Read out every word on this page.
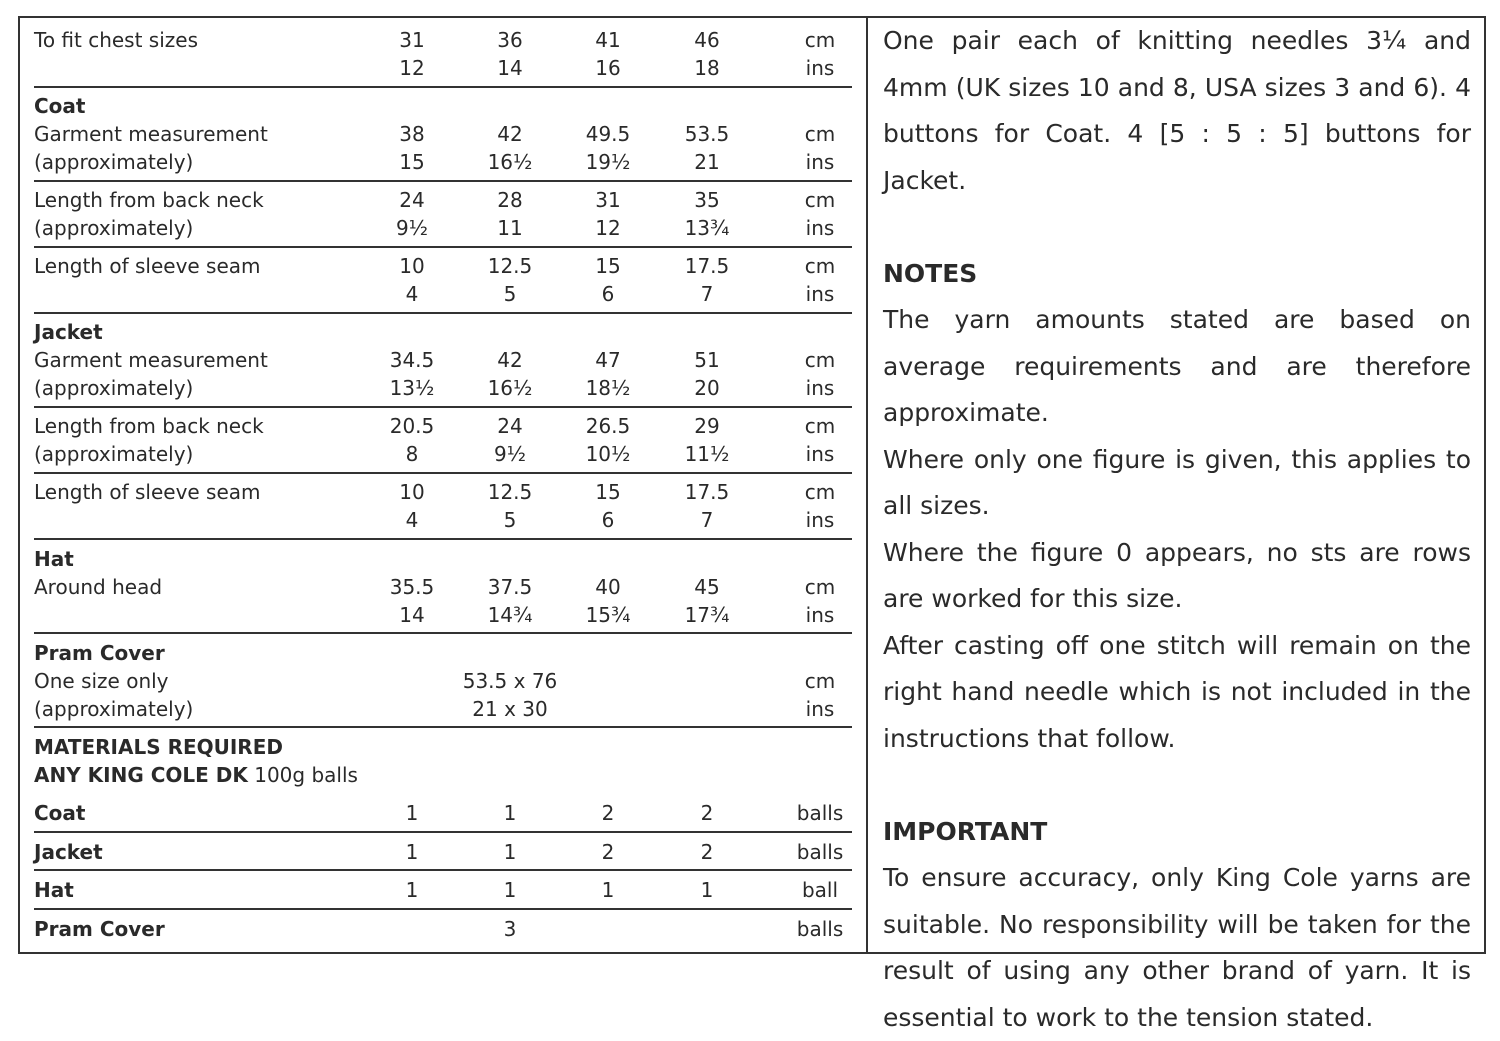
To fit chest sizes	31	36	41	46	cm
12	14	16	18	ins
Coat
Garment measurement
(approximately)
38	42	49.5	53.5	cm
15	16½	19½	21	ins
Length from back neck
(approximately)
24	28	31	35	cm
9½	11	12	13¾	ins
Length of sleeve seam	10	12.5	15	17.5	cm
4	5	6	7	ins
Jacket
Garment measurement
(approximately)
34.5	42	47	51	cm
13½	16½	18½	20	ins
Length from back neck
(approximately)
20.5	24	26.5	29	cm
8	9½	10½	11½	ins
Length of sleeve seam	10	12.5	15	17.5	cm
4	5	6	7	ins
Hat
Around head	35.5	37.5	40	45	cm
14	14¾	15¾	17¾	ins
Pram Cover
One size only
(approximately)
53.5 x 76	cm
21 x 30	ins
MATERIALS REQUIRED
ANY KING COLE DK 100g balls
Coat	1	1	2	2	balls
Jacket	1	1	2	2	balls
Hat	1	1	1	1	ball
Pram Cover	3	balls

One pair each of knitting needles 3¼ and 4mm (UK sizes 10 and 8, USA sizes 3 and 6). 4 buttons for Coat. 4 [5 : 5 : 5] buttons for Jacket.

NOTES

The yarn amounts stated are based on average requirements and are therefore approximate.

Where only one figure is given, this applies to all sizes.

Where the figure 0 appears, no sts are rows are worked for this size.

After casting off one stitch will remain on the right hand needle which is not included in the instructions that follow.

IMPORTANT

To ensure accuracy, only King Cole yarns are suitable. No responsibility will be taken for the result of using any other brand of yarn. It is essential to work to the tension stated.
